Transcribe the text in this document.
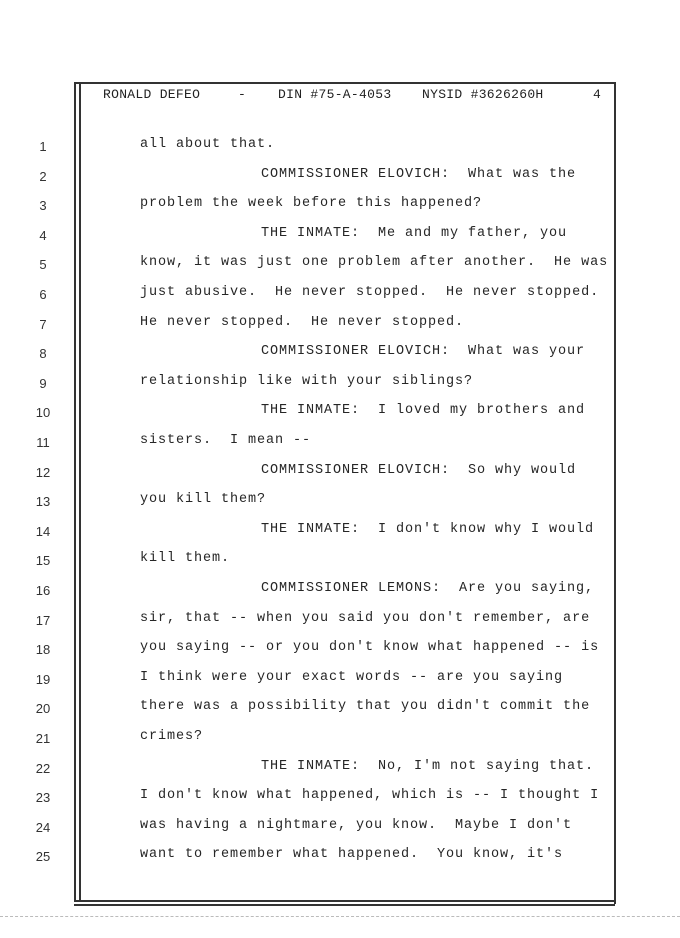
RONALD DEFEO	- DIN #75-A-4053 NYSID #3626260H	4
1
2
3
4
5
6
7
8
9
10
11
12
13
14
15
16
17
18
19
20
21
22
23
24
25
all about that.
COMMISSIONER ELOVICH:  What was the
problem the week before this happened?
THE INMATE:  Me and my father, you
know, it was just one problem after another.  He was
just abusive.  He never stopped.  He never stopped.
He never stopped.  He never stopped.
COMMISSIONER ELOVICH:  What was your
relationship like with your siblings?
THE INMATE:  I loved my brothers and
sisters.  I mean --
COMMISSIONER ELOVICH:  So why would
you kill them?
THE INMATE:  I don't know why I would
kill them.
COMMISSIONER LEMONS:  Are you saying,
sir, that -- when you said you don't remember, are
you saying -- or you don't know what happened -- is
I think were your exact words -- are you saying
there was a possibility that you didn't commit the
crimes?
THE INMATE:  No, I'm not saying that.
I don't know what happened, which is -- I thought I
was having a nightmare, you know.  Maybe I don't
want to remember what happened.  You know, it's
